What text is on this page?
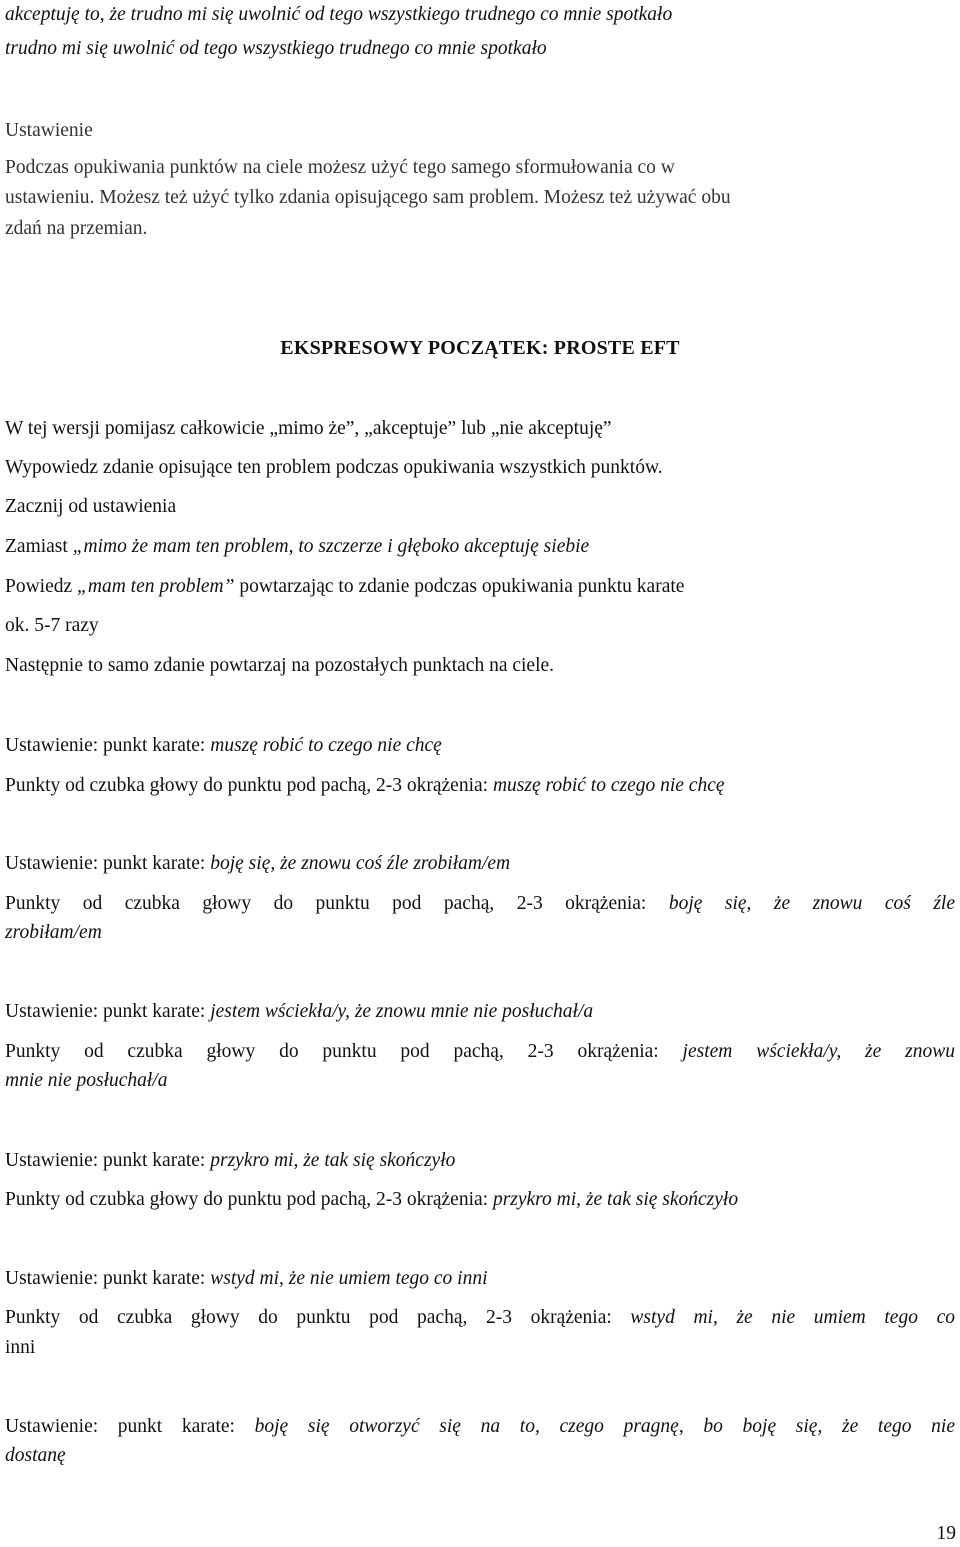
akceptuję to, że trudno mi się uwolnić od tego wszystkiego trudnego co mnie spotkało
trudno mi się uwolnić od tego wszystkiego trudnego co mnie spotkało
Ustawienie
Podczas opukiwania punktów na ciele możesz użyć tego samego sformułowania co w
ustawieniu. Możesz też użyć tylko zdania opisującego sam problem. Możesz też używać obu
zdań na przemian.
EKSPRESOWY POCZĄTEK: PROSTE EFT
W tej wersji pomijasz całkowicie „mimo że”, „akceptuje” lub „nie akceptuję”
Wypowiedz zdanie opisujące ten problem podczas opukiwania wszystkich punktów.
Zacznij od ustawienia
Zamiast „mimo że mam ten problem, to szczerze i głęboko akceptuję siebie
Powiedz „mam ten problem” powtarzając to zdanie podczas opukiwania punktu karate
ok. 5-7 razy
Następnie to samo zdanie powtarzaj na pozostałych punktach na ciele.
Ustawienie: punkt karate: muszę robić to czego nie chcę
Punkty od czubka głowy do punktu pod pachą, 2-3 okrążenia: muszę robić to czego nie chcę
Ustawienie: punkt karate: boję się, że znowu coś źle zrobiłam/em
Punkty od czubka głowy do punktu pod pachą, 2-3 okrążenia: boję się, że znowu coś źle
zrobiłam/em
Ustawienie: punkt karate: jestem wściekła/y, że znowu mnie nie posłuchał/a
Punkty od czubka głowy do punktu pod pachą, 2-3 okrążenia: jestem wściekła/y, że znowu
mnie nie posłuchał/a
Ustawienie: punkt karate: przykro mi, że tak się skończyło
Punkty od czubka głowy do punktu pod pachą, 2-3 okrążenia: przykro mi, że tak się skończyło
Ustawienie: punkt karate: wstyd mi, że nie umiem tego co inni
Punkty od czubka głowy do punktu pod pachą, 2-3 okrążenia: wstyd mi, że nie umiem tego co
inni
Ustawienie: punkt karate: boję się otworzyć się na to, czego pragnę, bo boję się, że tego nie
dostanę
19
